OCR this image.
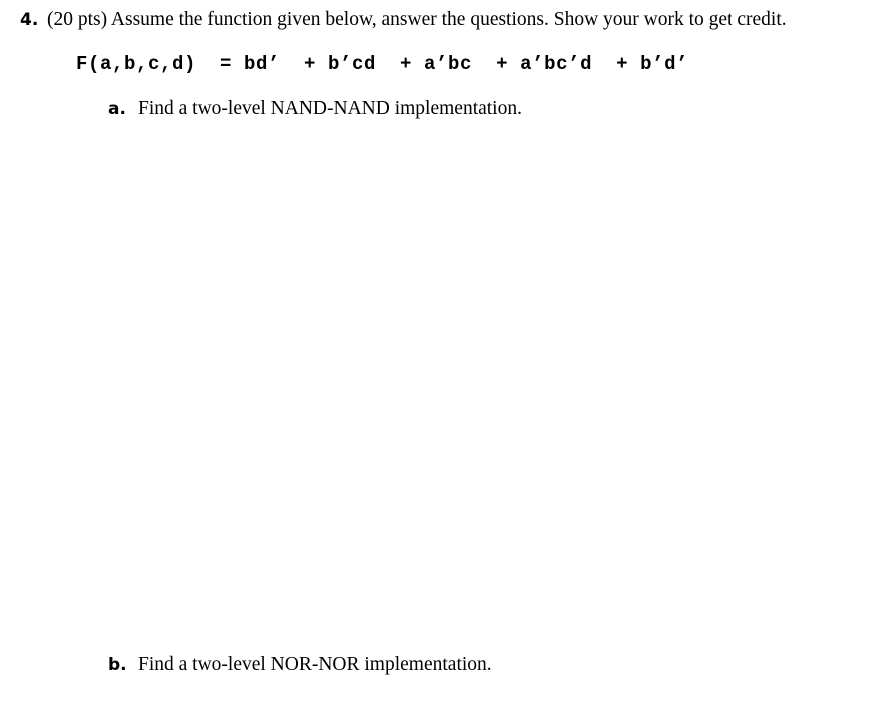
4. (20 pts) Assume the function given below, answer the questions. Show your work to get credit.
F(a,b,c,d)  = bd’  + b’cd  + a’bc  + a’bc’d  + b’d’
a. Find a two-level NAND-NAND implementation.
b. Find a two-level NOR-NOR implementation.
